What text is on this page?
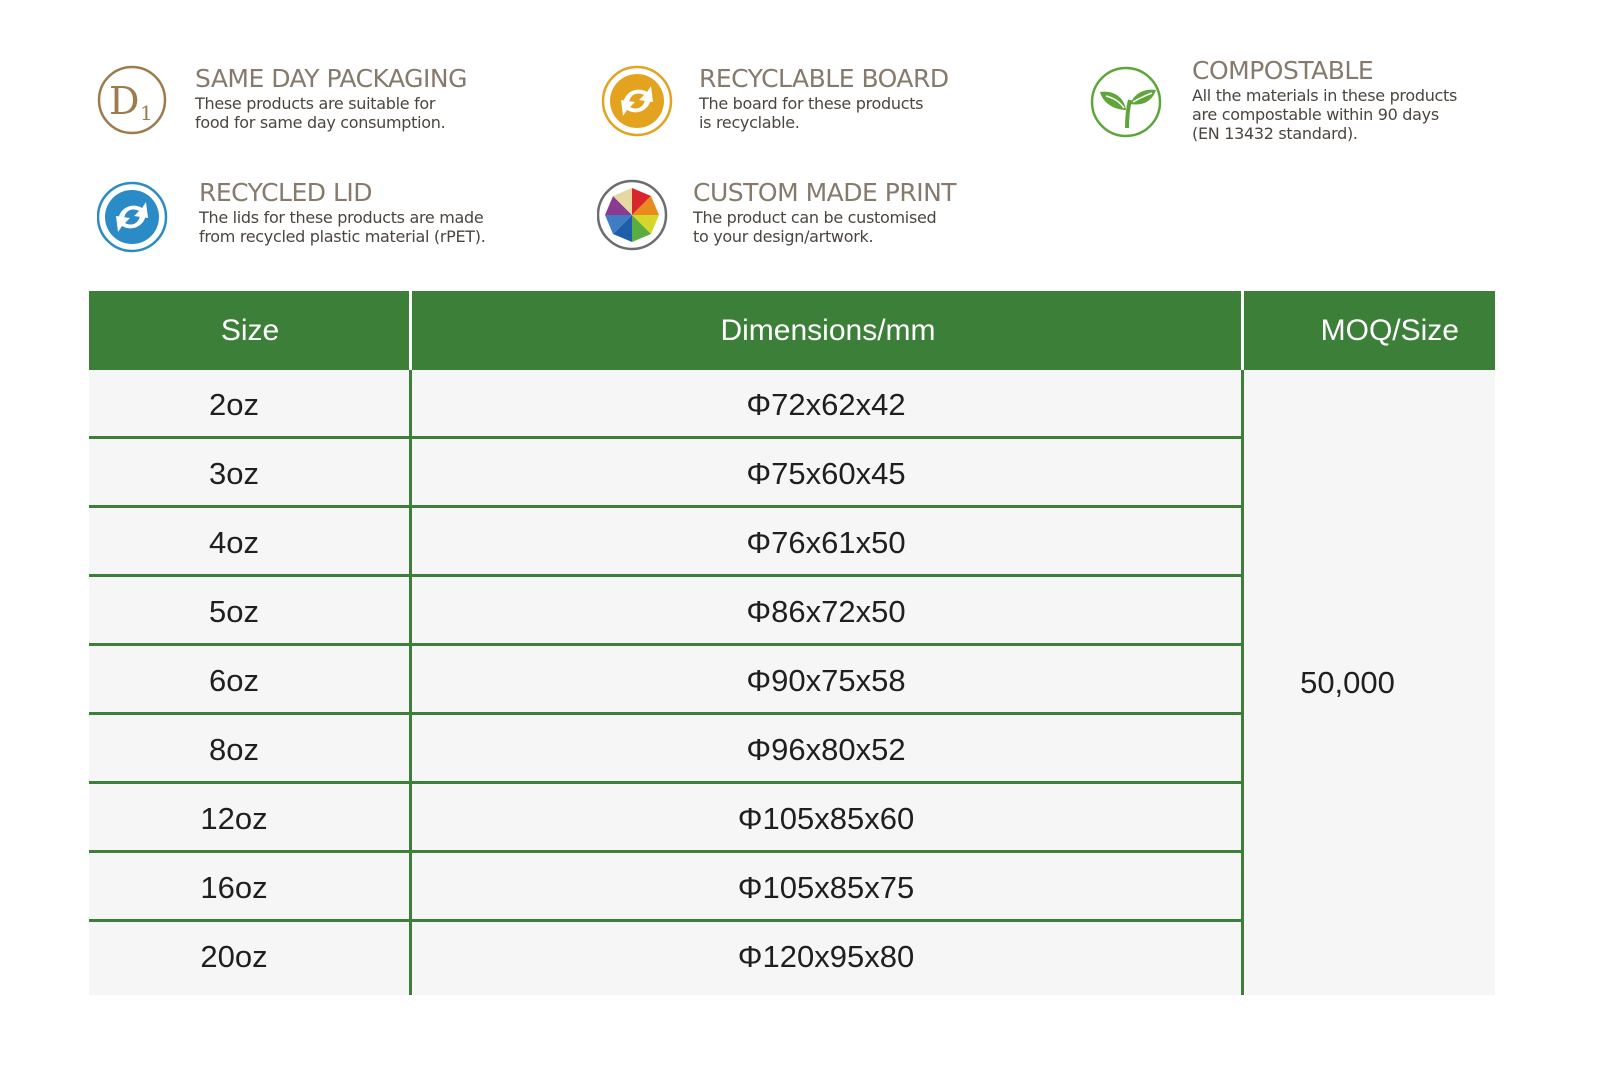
D 1
SAME DAY PACKAGING
These products are suitable for
food for same day consumption.
RECYCLABLE BOARD
The board for these products
is recyclable.
COMPOSTABLE
All the materials in these products
are compostable within 90 days
(EN 13432 standard).
RECYCLED LID
The lids for these products are made
from recycled plastic material (rPET).
CUSTOM MADE PRINT
The product can be customised
to your design/artwork.
Size	Dimensions/mm	MOQ/Size
2oz	Φ72x62x42
3oz	Φ75x60x45
4oz	Φ76x61x50
5oz	Φ86x72x50
6oz	Φ90x75x58
8oz	Φ96x80x52
12oz	Φ105x85x60
16oz	Φ105x85x75
20oz	Φ120x95x80
50,000
